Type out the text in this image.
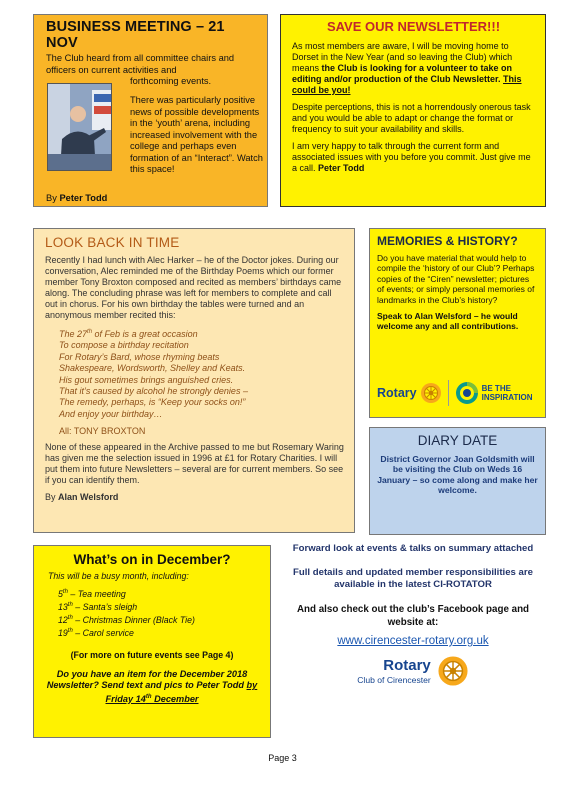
BUSINESS MEETING – 21 NOV

The Club heard from all committee chairs and officers on current activities and

forthcoming events.

There was particularly positive news of possible developments in the ‘youth’ arena, including increased involvement with the college and perhaps even formation of an “Interact”. Watch this space!

By Peter Todd

SAVE OUR NEWSLETTER!!!

As most members are aware, I will be moving home to Dorset in the New Year (and so leaving the Club) which means the Club is looking for a volunteer to take on editing and/or production of the Club Newsletter. This could be you!

Despite perceptions, this is not a horrendously onerous task and you would be able to adapt or change the format or frequency to suit your availability and skills.

I am very happy to talk through the current form and associated issues with you before you commit. Just give me a call. Peter Todd

LOOK BACK IN TIME

Recently I had lunch with Alec Harker – he of the Doctor jokes. During our conversation, Alec reminded me of the Birthday Poems which our former member Tony Broxton composed and recited as members’ birthdays came along. The concluding phrase was left for members to complete and call out in chorus. For his own birthday the tables were turned and an anonymous member recited this:

The 27th of Feb is a great occasion

To compose a birthday recitation

For Rotary’s Bard, whose rhyming beats

Shakespeare, Wordsworth, Shelley and Keats.

His gout sometimes brings anguished cries.

That it’s caused by alcohol he strongly denies –

The remedy, perhaps, is “Keep your socks on!”

And enjoy your birthday…

All: TONY BROXTON

None of these appeared in the Archive passed to me but Rosemary Waring has given me the selection issued in 1996 at £1 for Rotary Charities. I will put them into future Newsletters – several are for current members. So see if you can identify them.

By Alan Welsford

MEMORIES & HISTORY?

Do you have material that would help to compile the ‘history of our Club’? Perhaps copies of the “Ciren” newsletter; pictures of events; or simply personal memories of landmarks in the Club’s history?

Speak to Alan Welsford – he would welcome any and all contributions.

Rotary	BE THE
INSPIRATION
DIARY DATE

District Governor Joan Goldsmith will be visiting the Club on Weds 16 January – so come along and make her welcome.

What’s on in December?

This will be a busy month, including:

5th – Tea meeting
13th – Santa’s sleigh
12th – Christmas Dinner (Black Tie)
19th – Carol service

(For more on future events see Page 4)

Do you have an item for the December 2018 Newsletter? Send text and pics to Peter Todd by Friday 14th December

Forward look at events & talks on summary attached

Full details and updated member responsibilities are available in the latest CI-ROTATOR

And also check out the club’s Facebook page and website at:

www.cirencester-rotary.org.uk
Rotary
Club of Cirencester
Page 3
